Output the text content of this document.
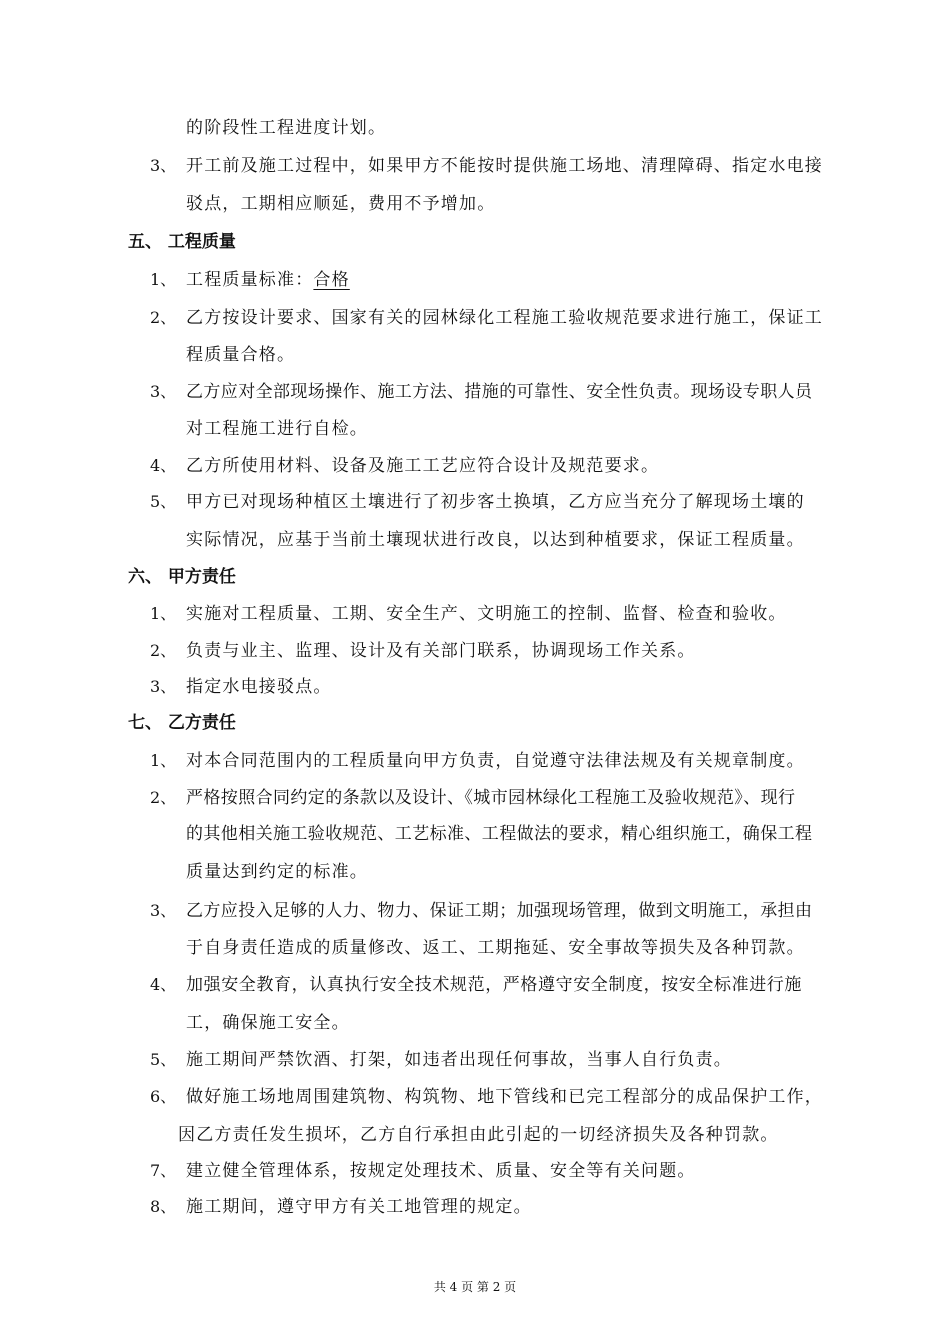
的阶段性工程进度计划。
3、 开工前及施工过程中，如果甲方不能按时提供施工场地、清理障碍、指定水电接
驳点，工期相应顺延，费用不予增加。
五、 工程质量
1、 工程质量标准：合格
2、 乙方按设计要求、国家有关的园林绿化工程施工验收规范要求进行施工，保证工
程质量合格。
3、 乙方应对全部现场操作、施工方法、措施的可靠性、安全性负责。现场设专职人员
对工程施工进行自检。
4、 乙方所使用材料、设备及施工工艺应符合设计及规范要求。
5、 甲方已对现场种植区土壤进行了初步客土换填，乙方应当充分了解现场土壤的
实际情况，应基于当前土壤现状进行改良，以达到种植要求，保证工程质量。
六、 甲方责任
1、 实施对工程质量、工期、安全生产、文明施工的控制、监督、检查和验收。
2、 负责与业主、监理、设计及有关部门联系，协调现场工作关系。
3、 指定水电接驳点。
七、 乙方责任
1、 对本合同范围内的工程质量向甲方负责，自觉遵守法律法规及有关规章制度。
2、 严格按照合同约定的条款以及设计、《城市园林绿化工程施工及验收规范》、现行
的其他相关施工验收规范、工艺标准、工程做法的要求，精心组织施工，确保工程
质量达到约定的标准。
3、 乙方应投入足够的人力、物力、保证工期；加强现场管理，做到文明施工，承担由
于自身责任造成的质量修改、返工、工期拖延、安全事故等损失及各种罚款。
4、 加强安全教育，认真执行安全技术规范，严格遵守安全制度，按安全标准进行施
工，确保施工安全。
5、 施工期间严禁饮酒、打架，如违者出现任何事故，当事人自行负责。
6、 做好施工场地周围建筑物、构筑物、地下管线和已完工程部分的成品保护工作，
因乙方责任发生损坏，乙方自行承担由此引起的一切经济损失及各种罚款。
7、 建立健全管理体系，按规定处理技术、质量、安全等有关问题。
8、 施工期间，遵守甲方有关工地管理的规定。
共 4 页 第 2 页
